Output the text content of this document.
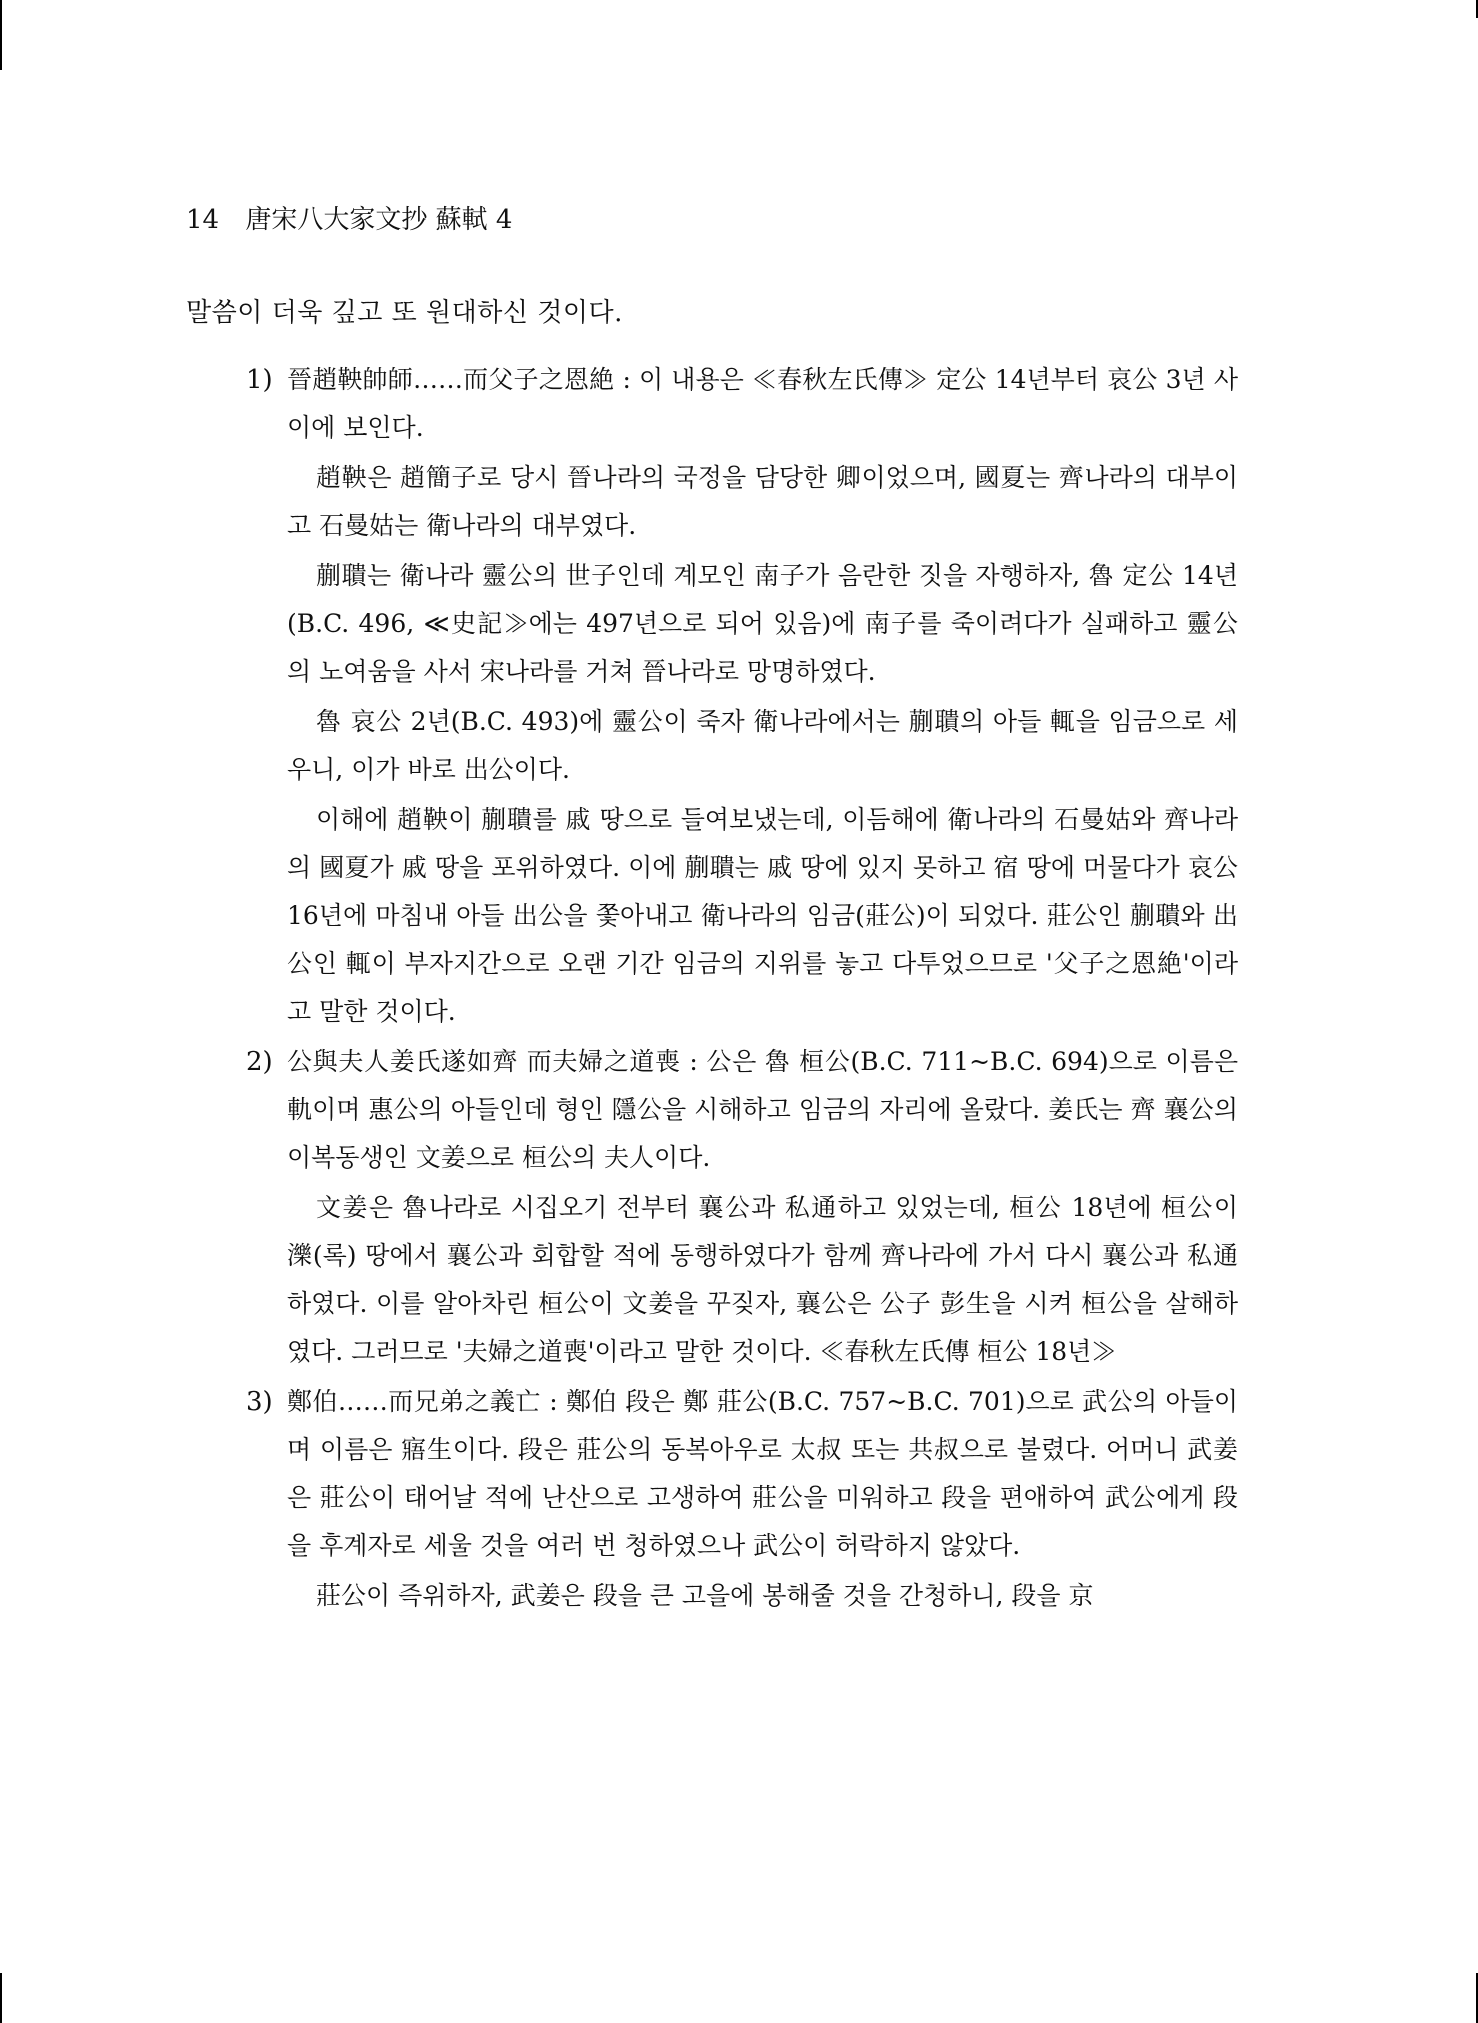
14 唐宋八大家文抄 蘇軾 4

말씀이 더욱 깊고 또 원대하신 것이다.

1) 晉趙鞅帥師……而父子之恩絶 : 이 내용은 ≪春秋左氏傳≫ 定公 14년부터 哀公 3년 사이에 보인다.

趙鞅은 趙簡子로 당시 晉나라의 국정을 담당한 卿이었으며, 國夏는 齊나라의 대부이고 石曼姑는 衛나라의 대부였다.

蒯聵는 衛나라 靈公의 世子인데 계모인 南子가 음란한 짓을 자행하자, 魯 定公 14년(B.C. 496, ≪史記≫에는 497년으로 되어 있음)에 南子를 죽이려다가 실패하고 靈公의 노여움을 사서 宋나라를 거쳐 晉나라로 망명하였다.

魯 哀公 2년(B.C. 493)에 靈公이 죽자 衛나라에서는 蒯聵의 아들 輒을 임금으로 세우니, 이가 바로 出公이다.

이해에 趙鞅이 蒯聵를 戚 땅으로 들여보냈는데, 이듬해에 衛나라의 石曼姑와 齊나라의 國夏가 戚 땅을 포위하였다. 이에 蒯聵는 戚 땅에 있지 못하고 宿 땅에 머물다가 哀公 16년에 마침내 아들 出公을 쫓아내고 衛나라의 임금(莊公)이 되었다. 莊公인 蒯聵와 出公인 輒이 부자지간으로 오랜 기간 임금의 지위를 놓고 다투었으므로 '父子之恩絶'이라고 말한 것이다.

2) 公與夫人姜氏遂如齊 而夫婦之道喪 : 公은 魯 桓公(B.C. 711~B.C. 694)으로 이름은 軌이며 惠公의 아들인데 형인 隱公을 시해하고 임금의 자리에 올랐다. 姜氏는 齊 襄公의 이복동생인 文姜으로 桓公의 夫人이다.

文姜은 魯나라로 시집오기 전부터 襄公과 私通하고 있었는데, 桓公 18년에 桓公이 濼(록) 땅에서 襄公과 회합할 적에 동행하였다가 함께 齊나라에 가서 다시 襄公과 私通하였다. 이를 알아차린 桓公이 文姜을 꾸짖자, 襄公은 公子 彭生을 시켜 桓公을 살해하였다. 그러므로 '夫婦之道喪'이라고 말한 것이다. ≪春秋左氏傳 桓公 18년≫

3) 鄭伯……而兄弟之義亡 : 鄭伯 段은 鄭 莊公(B.C. 757~B.C. 701)으로 武公의 아들이며 이름은 寤生이다. 段은 莊公의 동복아우로 太叔 또는 共叔으로 불렸다. 어머니 武姜은 莊公이 태어날 적에 난산으로 고생하여 莊公을 미워하고 段을 편애하여 武公에게 段을 후계자로 세울 것을 여러 번 청하였으나 武公이 허락하지 않았다.

莊公이 즉위하자, 武姜은 段을 큰 고을에 봉해줄 것을 간청하니, 段을 京
